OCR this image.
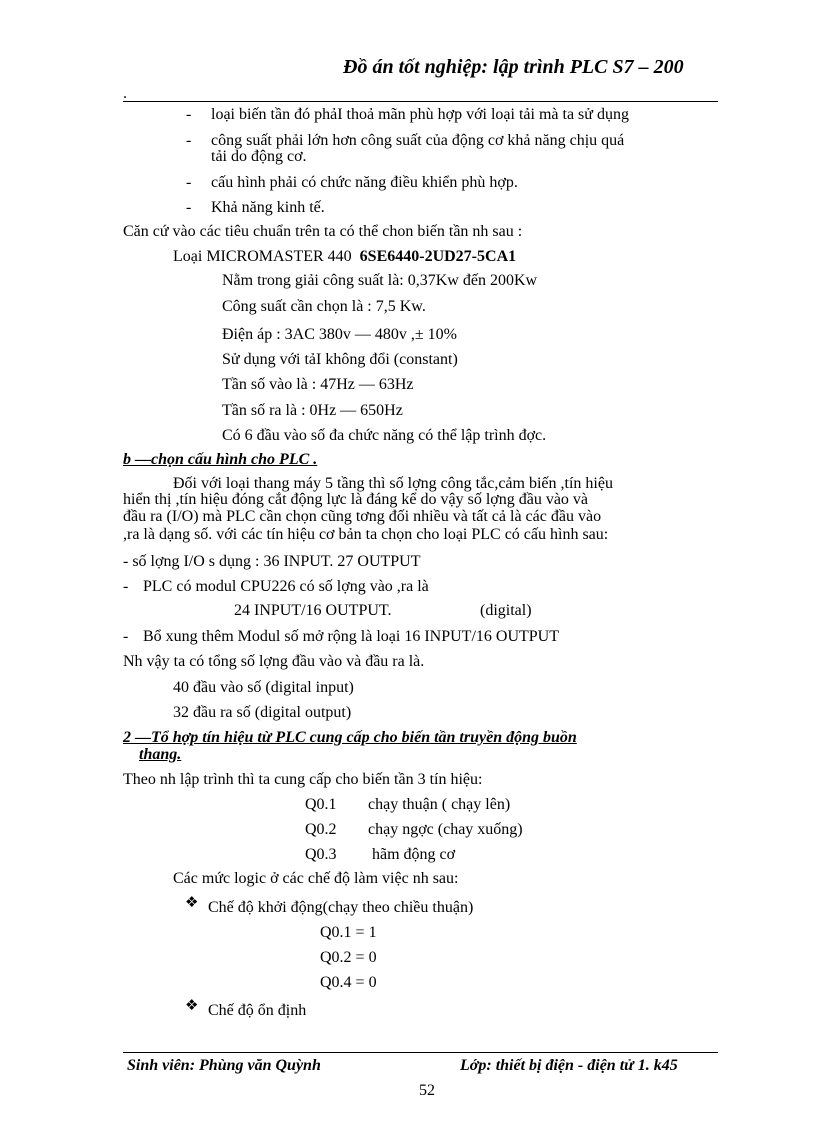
Đồ án tốt nghiệp: lập trình PLC S7 – 200
.
- loại biến tần đó phảI thoả mãn phù hợp với loại tải mà ta sử dụng
- công suất phải lớn hơn công suất của động cơ khả năng chịu quá
tải do động cơ.
- cấu hình phải có chức năng điều khiển phù hợp.
- Khả năng kinh tế.
Căn cứ vào các tiêu chuẩn trên ta có thể chon biến tần nh sau :
Loại MICROMASTER 440 6SE6440-2UD27-5CA1
Nằm trong giải công suất là: 0,37Kw đến 200Kw
Công suất cần chọn là : 7,5 Kw.
Điện áp : 3AC 380v — 480v ,± 10%
Sử dụng với tảI không đổi (constant)
Tần số vào là : 47Hz — 63Hz
Tần số ra là : 0Hz — 650Hz
Có 6 đầu vào số đa chức năng có thể lập trình đợc.
b —chọn cấu hình cho PLC .
Đối với loại thang máy 5 tầng thì số lợng công tắc,cảm biến ,tín hiệu
hiển thị ,tín hiệu đóng cắt động lực là đáng kể do vậy số lợng đầu vào và
đầu ra (I/O) mà PLC cần chọn cũng tơng đối nhiều và tất cả là các đầu vào
,ra là dạng số. với các tín hiệu cơ bản ta chọn cho loại PLC có cấu hình sau:
- số lợng I/O s dụng : 36 INPUT. 27 OUTPUT
- PLC có modul CPU226 có số lợng vào ,ra là
24 INPUT/16 OUTPUT.	(digital)
- Bổ xung thêm Modul số mở rộng là loại 16 INPUT/16 OUTPUT
Nh vậy ta có tổng số lợng đầu vào và đầu ra là.
40 đầu vào số (digital input)
32 đầu ra số (digital output)
2 —Tổ hợp tín hiệu từ PLC cung cấp cho biến tần truyền động buồn
thang.
Theo nh lập trình thì ta cung cấp cho biến tần 3 tín hiệu:
Q0.1 chạy thuận ( chạy lên)
Q0.2 chạy ngợc (chay xuống)
Q0.3 hãm động cơ
Các mức logic ở các chế độ làm việc nh sau:
❖ Chế độ khởi động(chạy theo chiều thuận)
Q0.1 = 1
Q0.2 = 0
Q0.4 = 0
❖ Chế độ ổn định
Sinh viên: Phùng văn Quỳnh	Lớp: thiết bị điện - điện tử 1. k45
52
